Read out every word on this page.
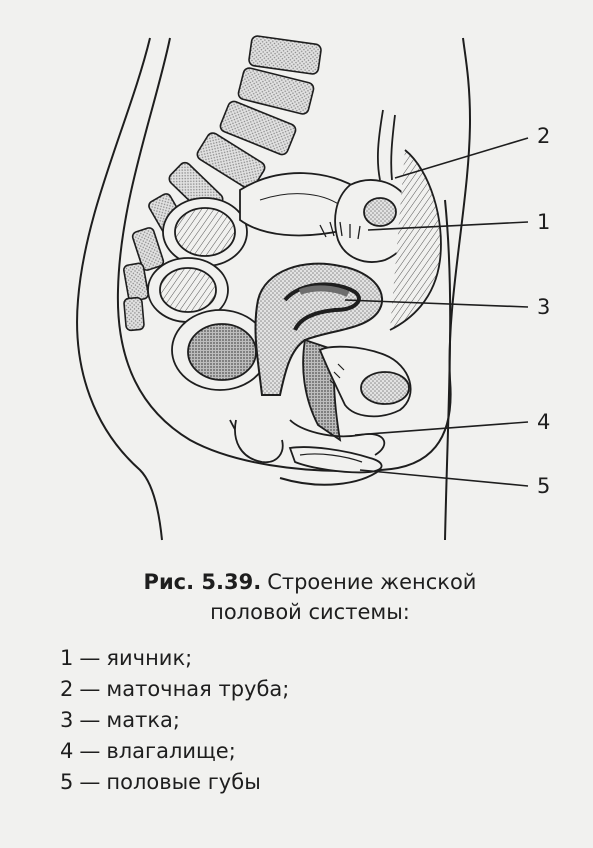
2
1
3
4
5
Рис. 5.39. Строение женской
половой системы:
1 — яичник;
2 — маточная труба;
3 — матка;
4 — влагалище;
5 — половые губы
